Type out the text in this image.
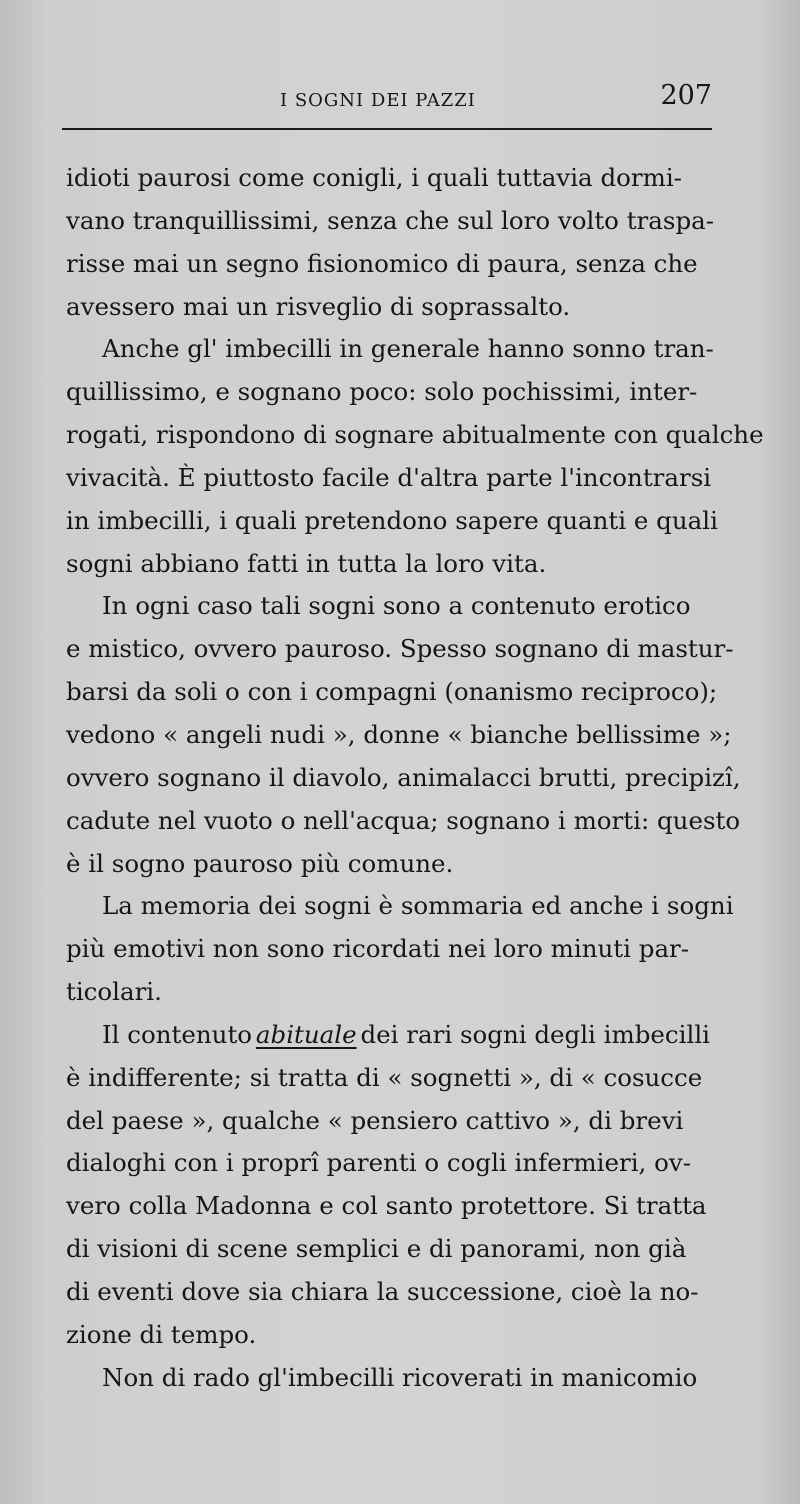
I SOGNI DEI PAZZI	207
idioti paurosi come conigli, i quali tuttavia dormi-
vano tranquillissimi, senza che sul loro volto traspa-
risse mai un segno fisionomico di paura, senza che
avessero mai un risveglio di soprassalto.
Anche gl' imbecilli in generale hanno sonno tran-
quillissimo, e sognano poco: solo pochissimi, inter-
rogati, rispondono di sognare abitualmente con qualche
vivacità. È piuttosto facile d'altra parte l'incontrarsi
in imbecilli, i quali pretendono sapere quanti e quali
sogni abbiano fatti in tutta la loro vita.
In ogni caso tali sogni sono a contenuto erotico
e mistico, ovvero pauroso. Spesso sognano di mastur-
barsi da soli o con i compagni (onanismo reciproco);
vedono « angeli nudi », donne « bianche bellissime »;
ovvero sognano il diavolo, animalacci brutti, precipizî,
cadute nel vuoto o nell'acqua; sognano i morti: questo
è il sogno pauroso più comune.
La memoria dei sogni è sommaria ed anche i sogni
più emotivi non sono ricordati nei loro minuti par-
ticolari.
Il contenuto abituale dei rari sogni degli imbecilli
è indifferente; si tratta di « sognetti », di « cosucce
del paese », qualche « pensiero cattivo », di brevi
dialoghi con i proprî parenti o cogli infermieri, ov-
vero colla Madonna e col santo protettore. Si tratta
di visioni di scene semplici e di panorami, non già
di eventi dove sia chiara la successione, cioè la no-
zione di tempo.
Non di rado gl'imbecilli ricoverati in manicomio
